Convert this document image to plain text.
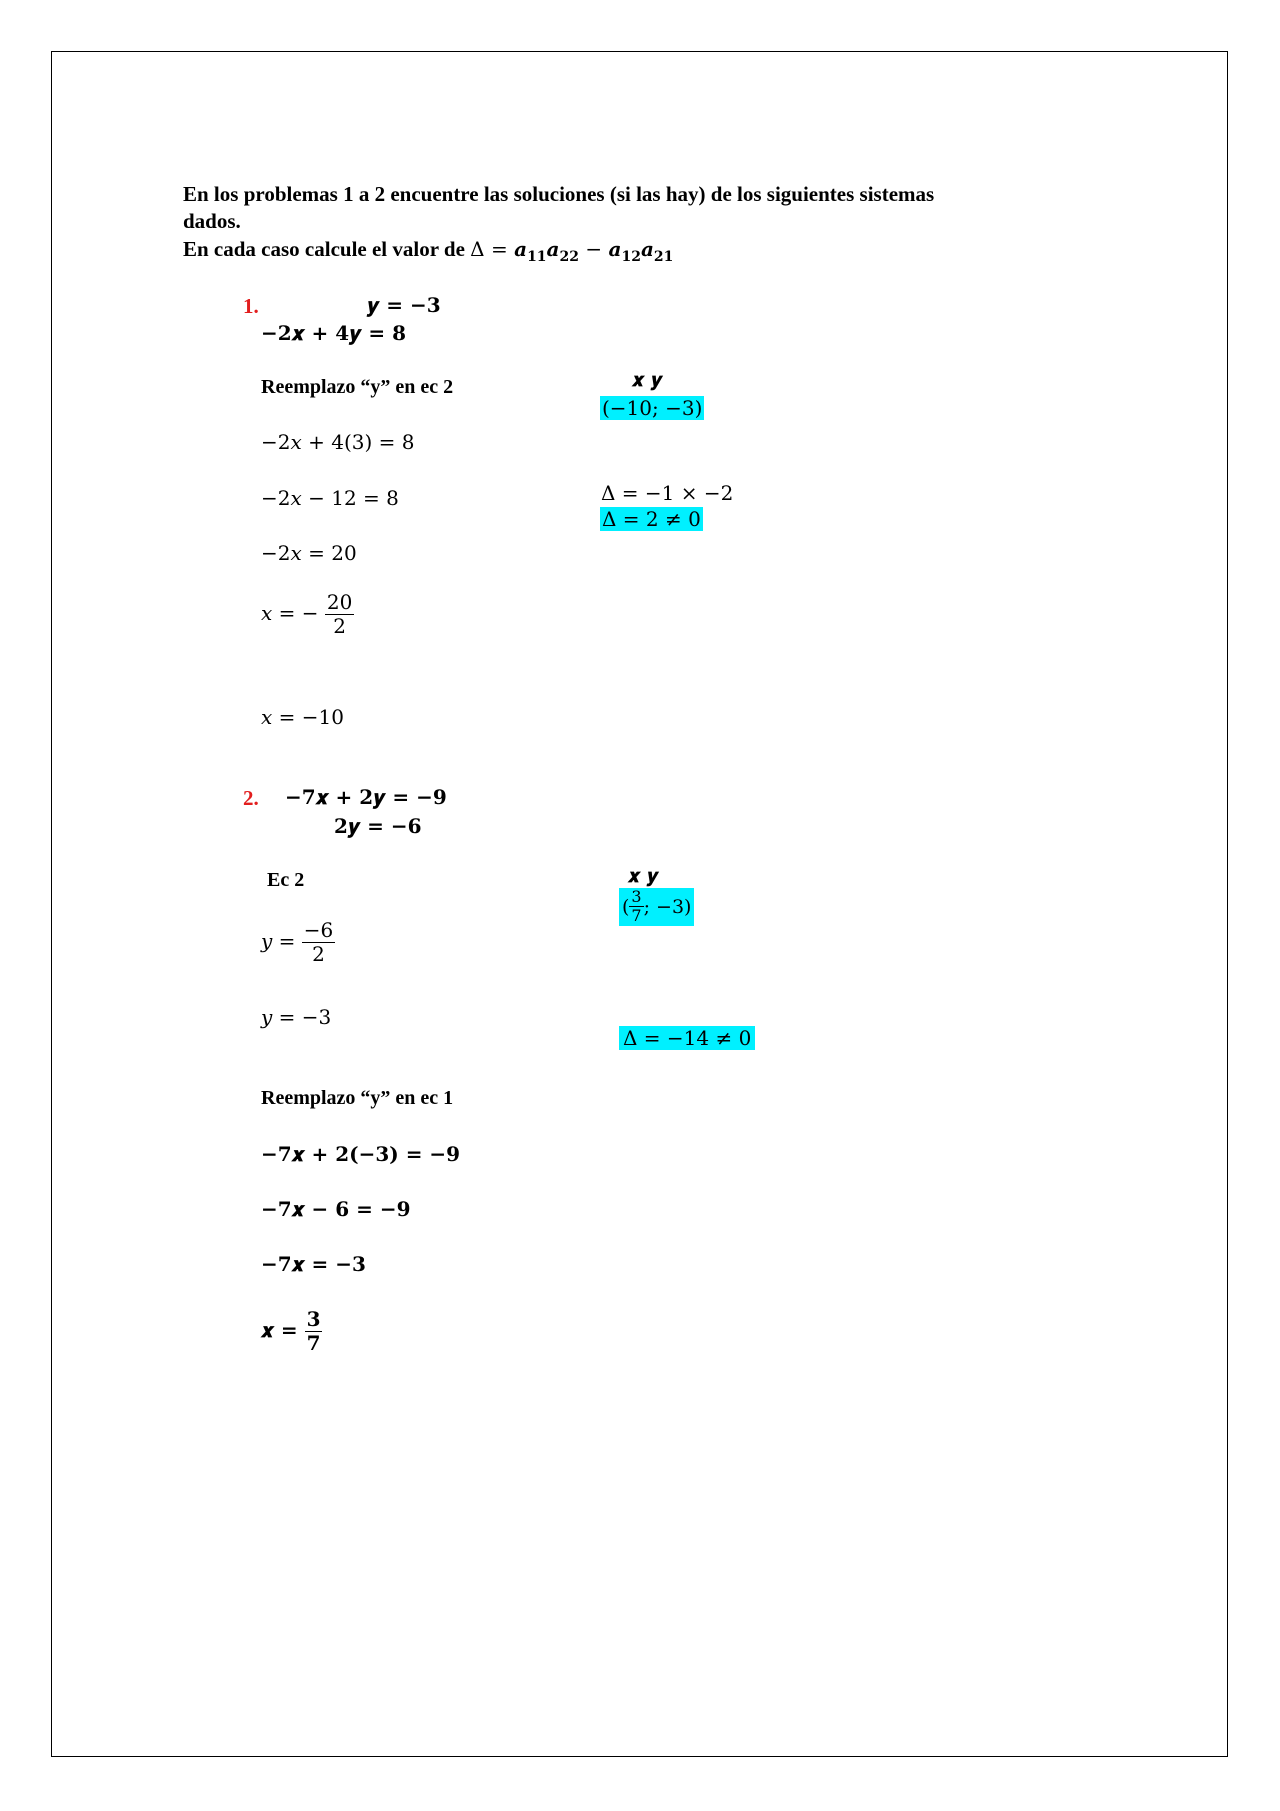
En los problemas 1 a 2 encuentre las soluciones (si las hay) de los siguientes sistemas
dados.
En cada caso calcule el valor de $\Delta = a_{11}a_{22} - a_{12}a_{21}$
1.	𝒚 = −𝟑
−𝟐𝒙 + 𝟒𝒚 = 𝟖
Reemplazo “y” en ec 2
−2𝑥 + 4(3) = 8
−2𝑥 − 12 = 8
−2𝑥 = 20
𝑥 = − $\frac{20}{2}$
𝑥 = −10
𝒙 𝒚
(−10; −3)
Δ = −1 × −2
Δ = 2 ≠ 0
2. −𝟕𝒙 + 𝟐𝒚 = −𝟗
𝟐𝒚 = −𝟔
Ec 2
𝑦 = $\frac{-6}{2}$
𝑦 = −3
Reemplazo “y” en ec 1
−𝟕𝒙 + 𝟐(−𝟑) = −𝟗
−𝟕𝒙 − 𝟔 = −𝟗
−𝟕𝒙 = −𝟑
𝒙 = $\frac{𝟑}{𝟕}$
𝒙 𝒚
( $\frac{3}{7}$ ; −3)
Δ = −14 ≠ 0
